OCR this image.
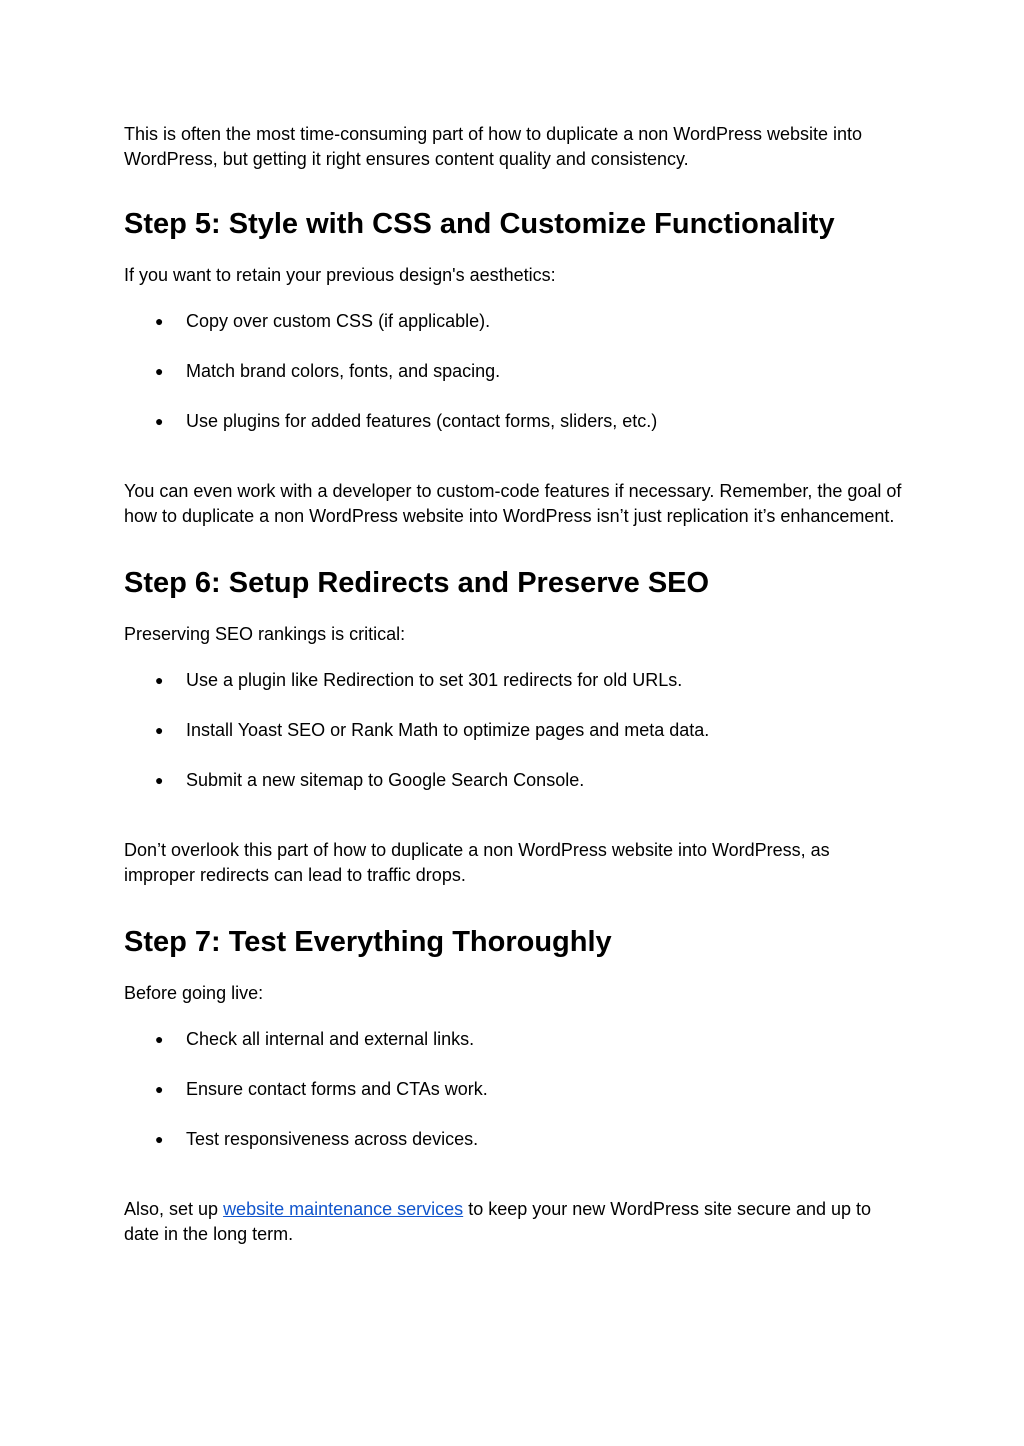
This is often the most time-consuming part of how to duplicate a non WordPress website into WordPress, but getting it right ensures content quality and consistency.

Step 5: Style with CSS and Customize Functionality

If you want to retain your previous design's aesthetics:

● Copy over custom CSS (if applicable).
● Match brand colors, fonts, and spacing.
● Use plugins for added features (contact forms, sliders, etc.)

You can even work with a developer to custom-code features if necessary. Remember, the goal of how to duplicate a non WordPress website into WordPress isn’t just replication it’s enhancement.

Step 6: Setup Redirects and Preserve SEO

Preserving SEO rankings is critical:

● Use a plugin like Redirection to set 301 redirects for old URLs.
● Install Yoast SEO or Rank Math to optimize pages and meta data.
● Submit a new sitemap to Google Search Console.

Don’t overlook this part of how to duplicate a non WordPress website into WordPress, as improper redirects can lead to traffic drops.

Step 7: Test Everything Thoroughly

Before going live:

● Check all internal and external links.
● Ensure contact forms and CTAs work.
● Test responsiveness across devices.

Also, set up website maintenance services to keep your new WordPress site secure and up to date in the long term.
